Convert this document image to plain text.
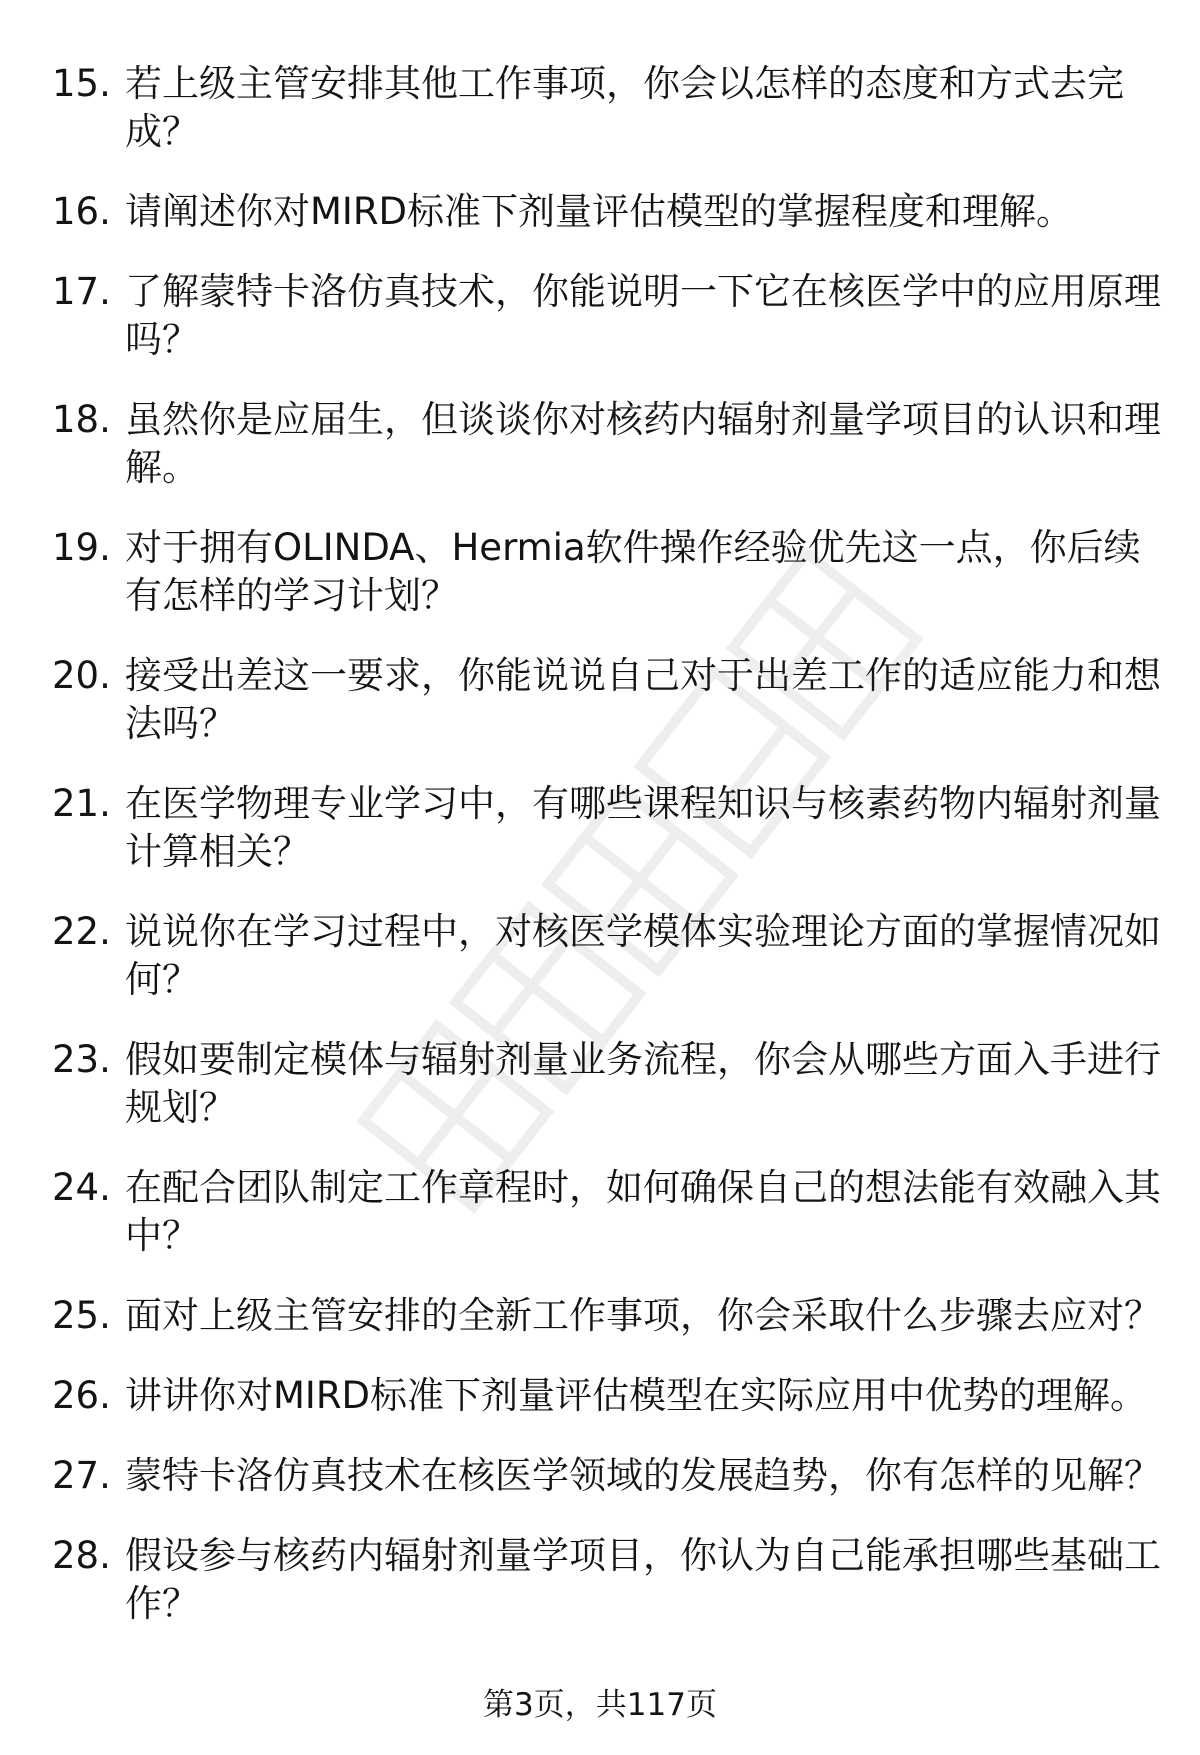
15. 若上级主管安排其他工作事项，你会以怎样的态度和方式去完成？
16. 请阐述你对MIRD标准下剂量评估模型的掌握程度和理解。
17. 了解蒙特卡洛仿真技术，你能说明一下它在核医学中的应用原理吗？
18. 虽然你是应届生，但谈谈你对核药内辐射剂量学项目的认识和理解。
19. 对于拥有OLINDA、Hermia软件操作经验优先这一点，你后续有怎样的学习计划？
20. 接受出差这一要求，你能说说自己对于出差工作的适应能力和想法吗？
21. 在医学物理专业学习中，有哪些课程知识与核素药物内辐射剂量计算相关？
22. 说说你在学习过程中，对核医学模体实验理论方面的掌握情况如何？
23. 假如要制定模体与辐射剂量业务流程，你会从哪些方面入手进行规划？
24. 在配合团队制定工作章程时，如何确保自己的想法能有效融入其中？
25. 面对上级主管安排的全新工作事项，你会采取什么步骤去应对？
26. 讲讲你对MIRD标准下剂量评估模型在实际应用中优势的理解。
27. 蒙特卡洛仿真技术在核医学领域的发展趋势，你有怎样的见解？
28. 假设参与核药内辐射剂量学项目，你认为自己能承担哪些基础工作？
第3页，共117页
